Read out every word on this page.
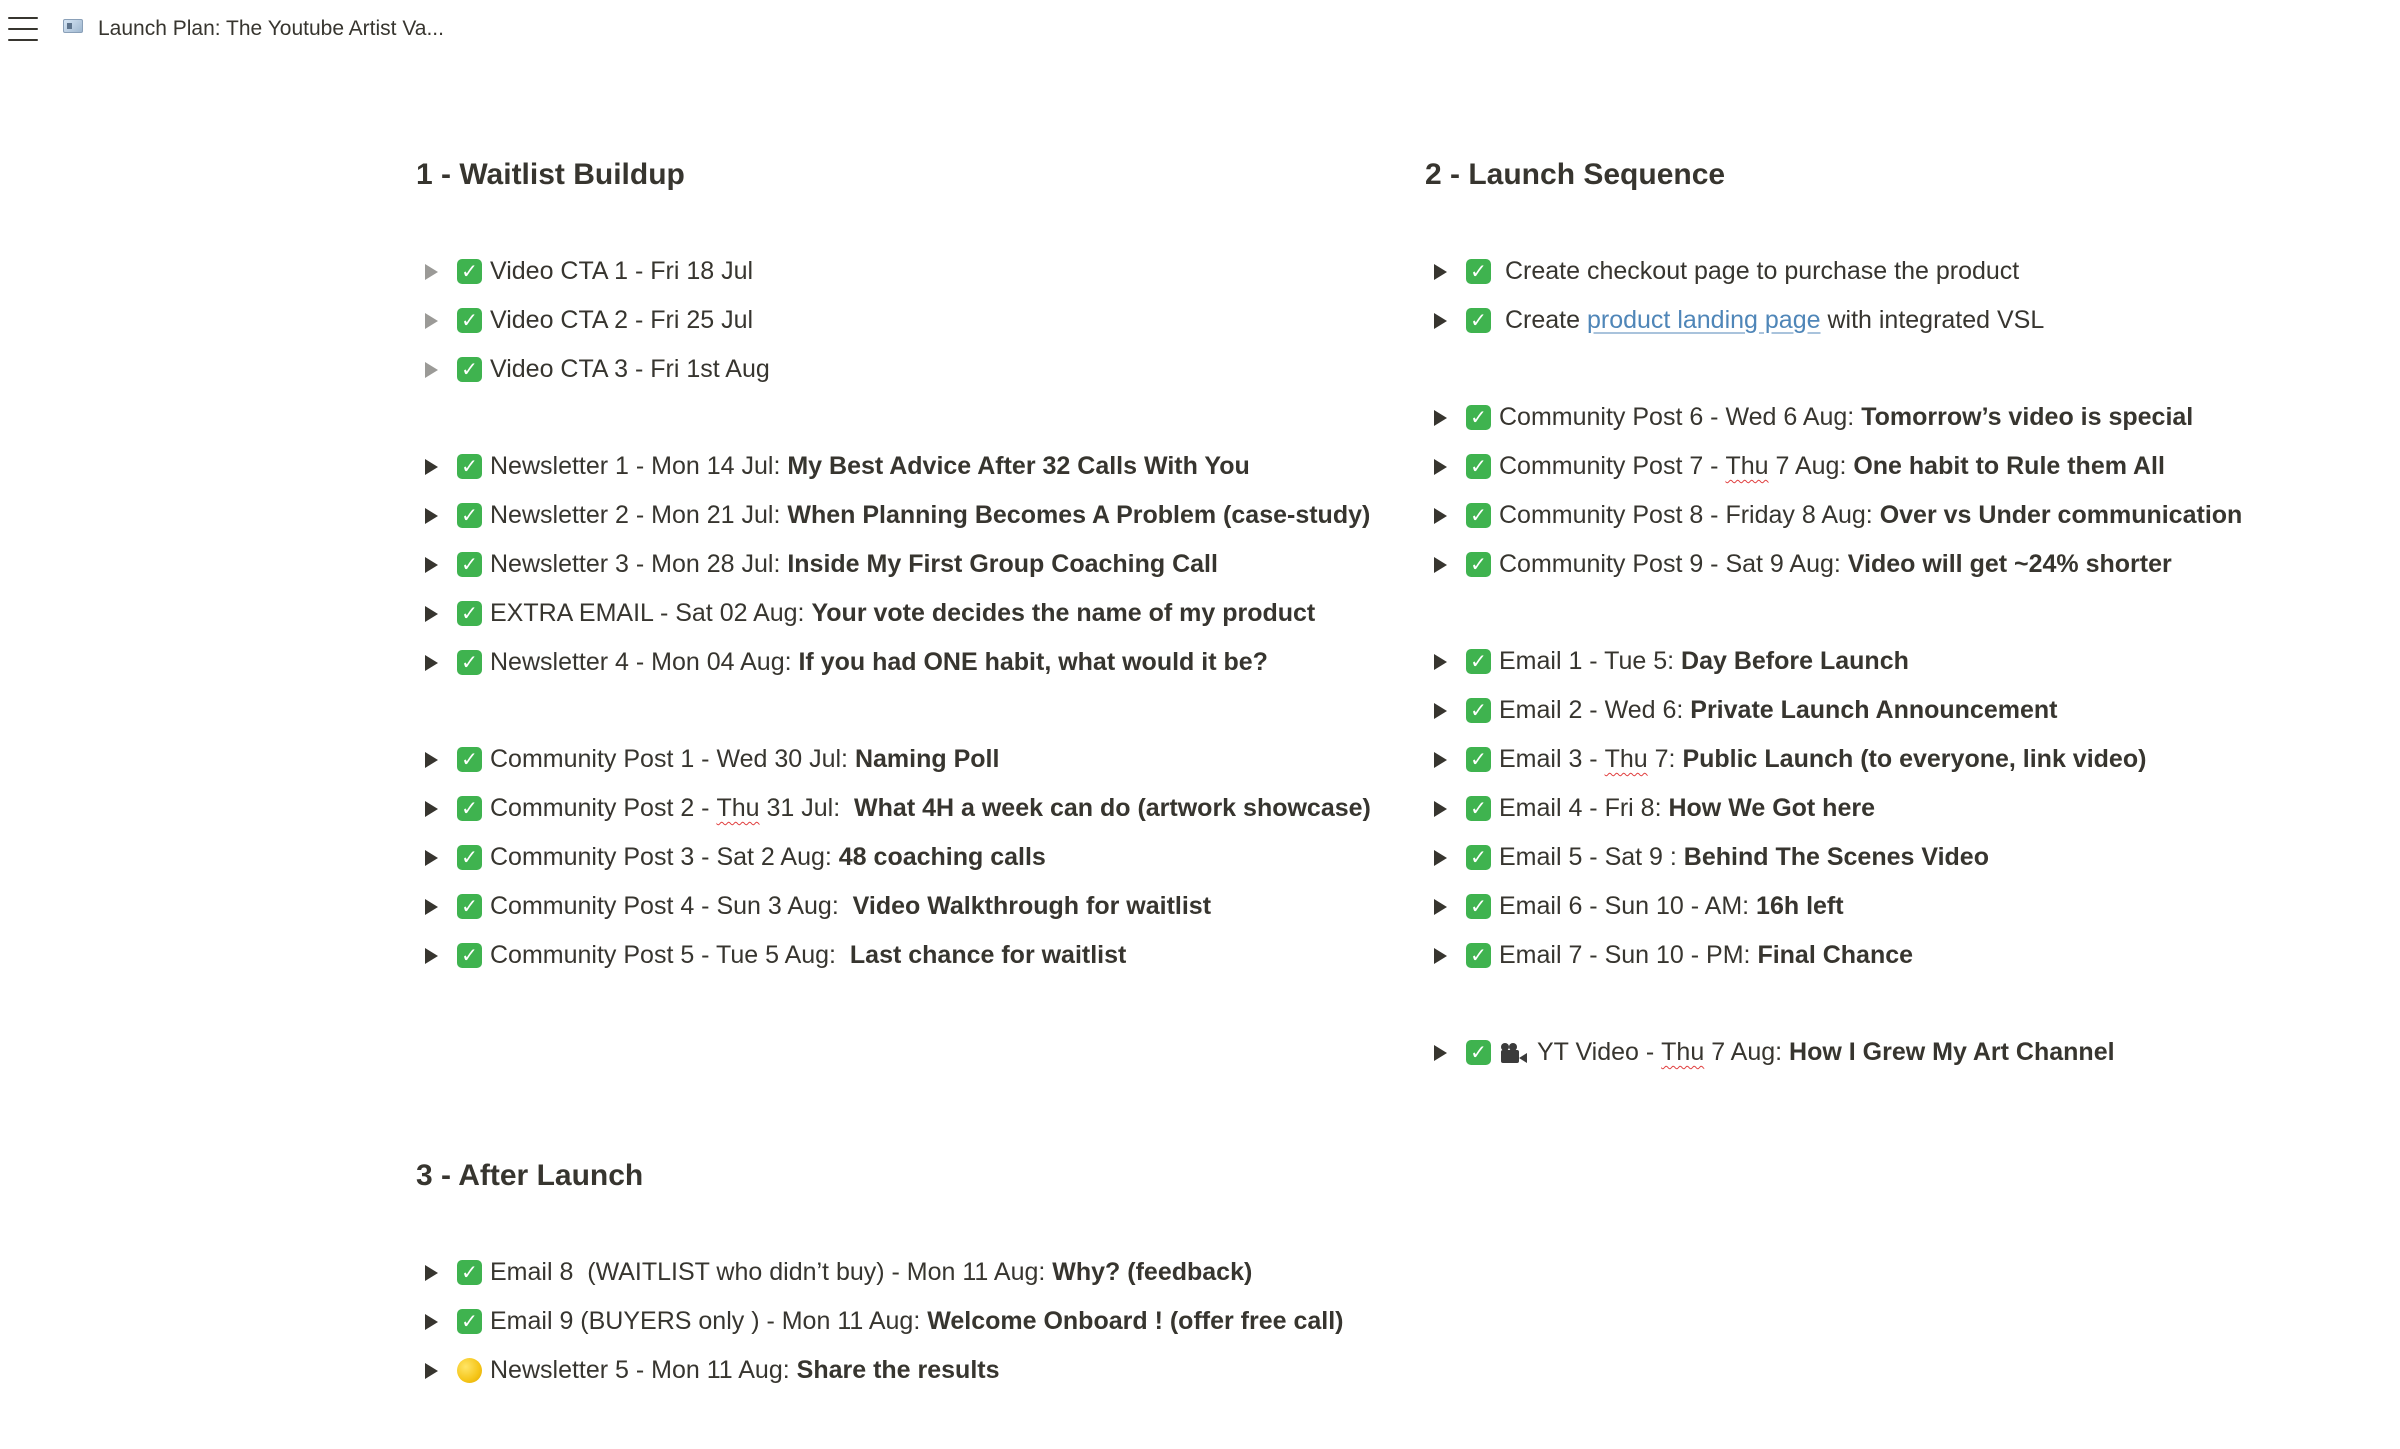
Launch Plan: The Youtube Artist Va...
1 - Waitlist Buildup
✓ Video CTA 1 - Fri 18 Jul
✓ Video CTA 2 - Fri 25 Jul
✓ Video CTA 3 - Fri 1st Aug
✓ Newsletter 1 - Mon 14 Jul: My Best Advice After 32 Calls With You
✓ Newsletter 2 - Mon 21 Jul: When Planning Becomes A Problem (case-study)
✓ Newsletter 3 - Mon 28 Jul: Inside My First Group Coaching Call
✓ EXTRA EMAIL - Sat 02 Aug: Your vote decides the name of my product
✓ Newsletter 4 - Mon 04 Aug: If you had ONE habit, what would it be?
✓ Community Post 1 - Wed 30 Jul: Naming Poll
✓ Community Post 2 - Thu 31 Jul: What 4H a week can do (artwork showcase)
✓ Community Post 3 - Sat 2 Aug: 48 coaching calls
✓ Community Post 4 - Sun 3 Aug: Video Walkthrough for waitlist
✓ Community Post 5 - Tue 5 Aug: Last chance for waitlist
2 - Launch Sequence
✓ Create checkout page to purchase the product
✓ Create product landing page with integrated VSL
✓ Community Post 6 - Wed 6 Aug: Tomorrow’s video is special
✓ Community Post 7 - Thu 7 Aug: One habit to Rule them All
✓ Community Post 8 - Friday 8 Aug: Over vs Under communication
✓ Community Post 9 - Sat 9 Aug: Video will get ~24% shorter
✓ Email 1 - Tue 5: Day Before Launch
✓ Email 2 - Wed 6: Private Launch Announcement
✓ Email 3 - Thu 7: Public Launch (to everyone, link video)
✓ Email 4 - Fri 8: How We Got here
✓ Email 5 - Sat 9 : Behind The Scenes Video
✓ Email 6 - Sun 10 - AM: 16h left
✓ Email 7 - Sun 10 - PM: Final Chance
✓ YT Video - Thu 7 Aug: How I Grew My Art Channel
3 - After Launch
✓ Email 8  (WAITLIST who didn’t buy) - Mon 11 Aug: Why? (feedback)
✓ Email 9 (BUYERS only ) - Mon 11 Aug: Welcome Onboard ! (offer free call)
Newsletter 5 - Mon 11 Aug: Share the results
